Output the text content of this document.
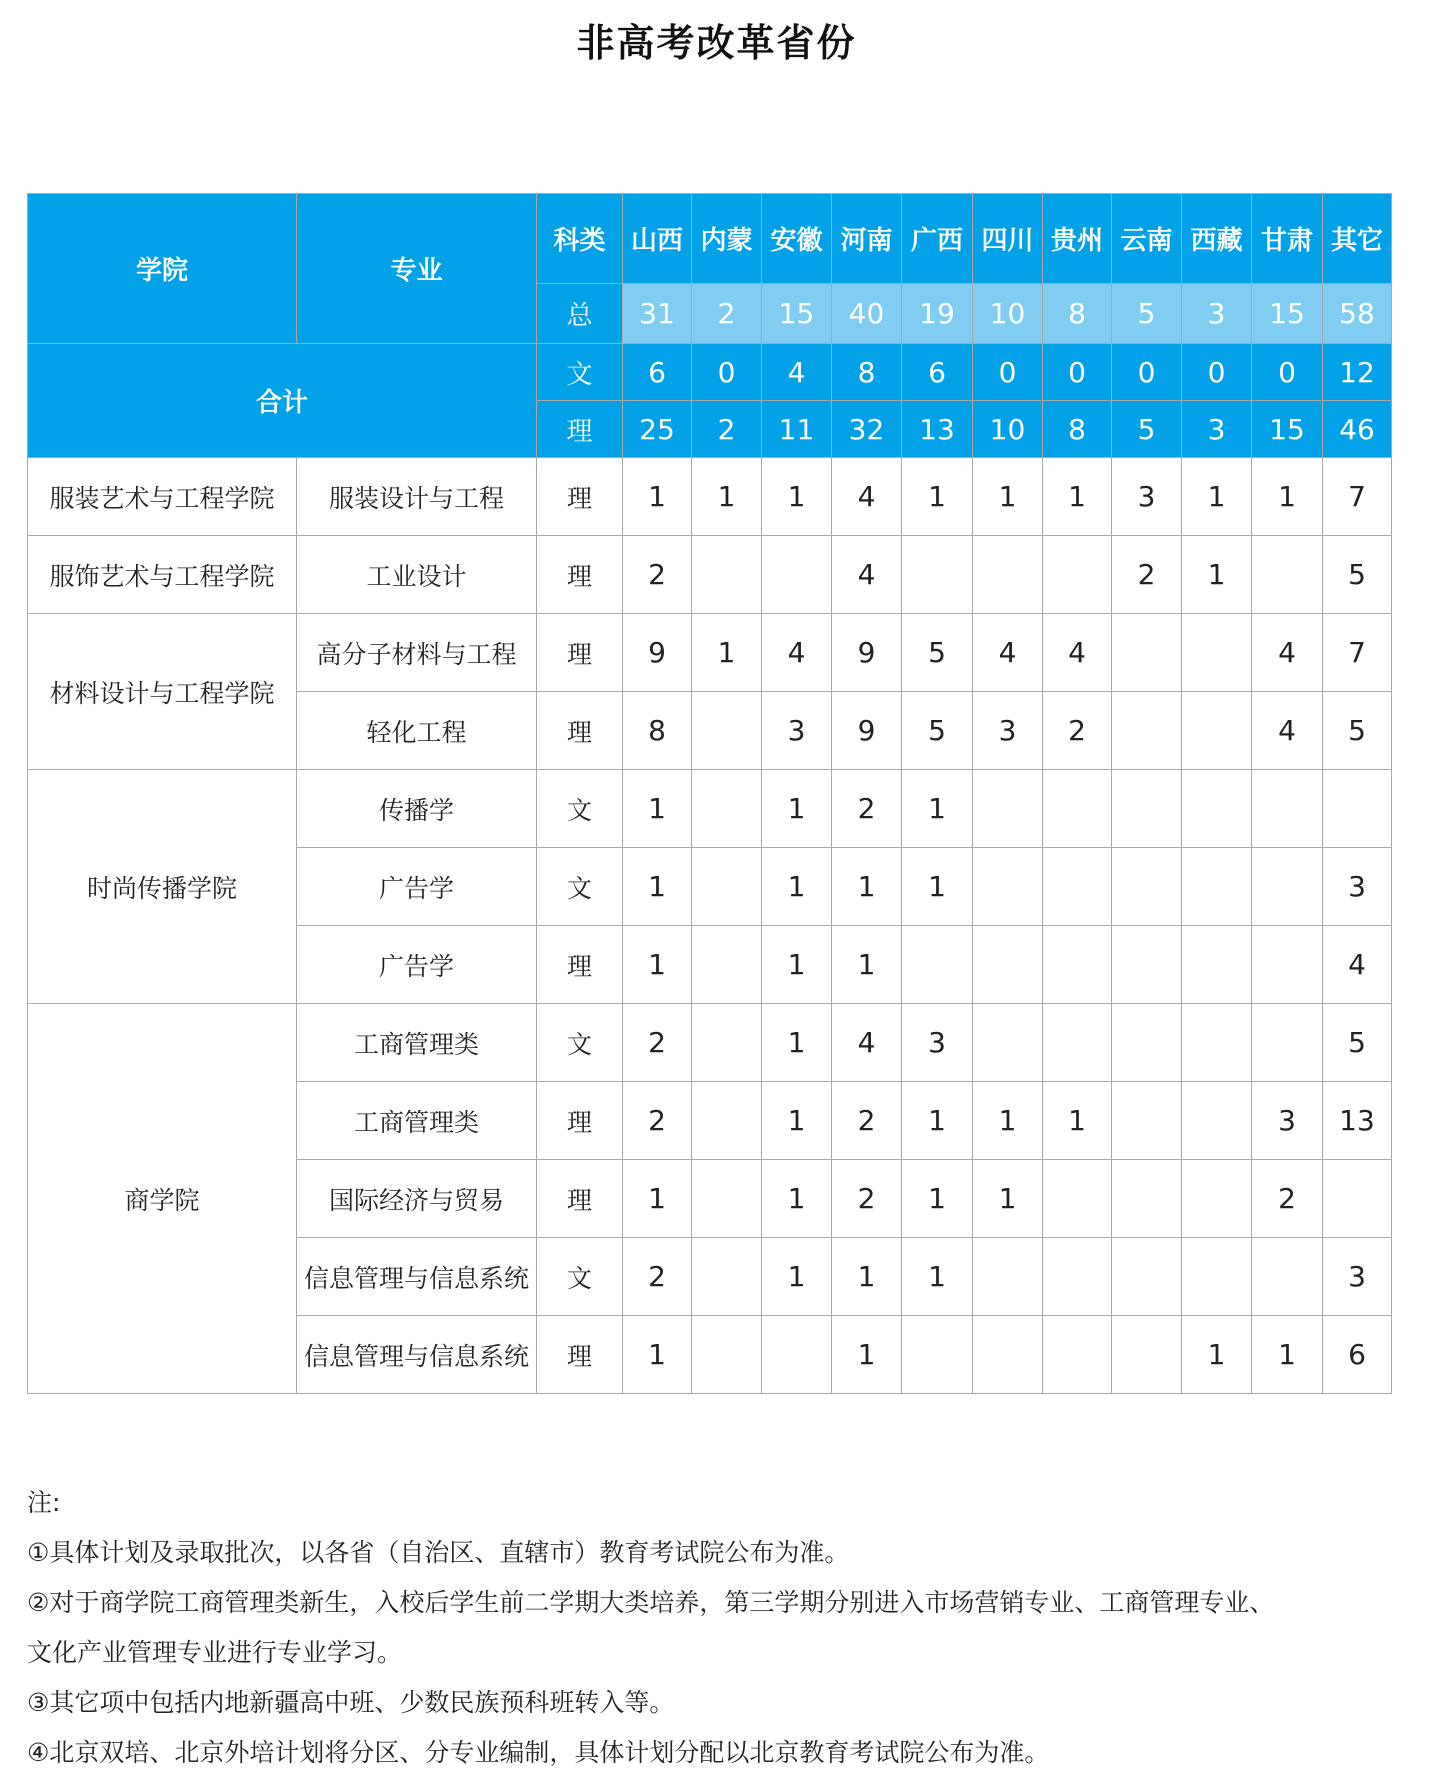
非高考改革省份
学院	专业	科类	山西	内蒙	安徽	河南	广西	四川	贵州	云南	西藏	甘肃	其它
		总	31	2	15	40	19	10	8	5	3	15	58
合计		文	6	0	4	8	6	0	0	0	0	0	12
		理	25	2	11	32	13	10	8	5	3	15	46
服装艺术与工程学院	服装设计与工程	理	1	1	1	4	1	1	1	3	1	1	7
服饰艺术与工程学院	工业设计	理	2			4				2	1		5
材料设计与工程学院	高分子材料与工程	理	9	1	4	9	5	4	4			4	7
	轻化工程	理	8		3	9	5	3	2			4	5
时尚传播学院	传播学	文	1		1	2	1						
	广告学	文	1		1	1	1						3
	广告学	理	1		1	1							4
商学院	工商管理类	文	2		1	4	3						5
	工商管理类	理	2		1	2	1	1	1			3	13
	国际经济与贸易	理	1		1	2	1	1				2	
	信息管理与信息系统	文	2		1	1	1						3
	信息管理与信息系统	理	1			1					1	1	6
注:
①具体计划及录取批次，以各省（自治区、直辖市）教育考试院公布为准。
②对于商学院工商管理类新生，入校后学生前二学期大类培养，第三学期分别进入市场营销专业、工商管理专业、
文化产业管理专业进行专业学习。
③其它项中包括内地新疆高中班、少数民族预科班转入等。
④北京双培、北京外培计划将分区、分专业编制，具体计划分配以北京教育考试院公布为准。
